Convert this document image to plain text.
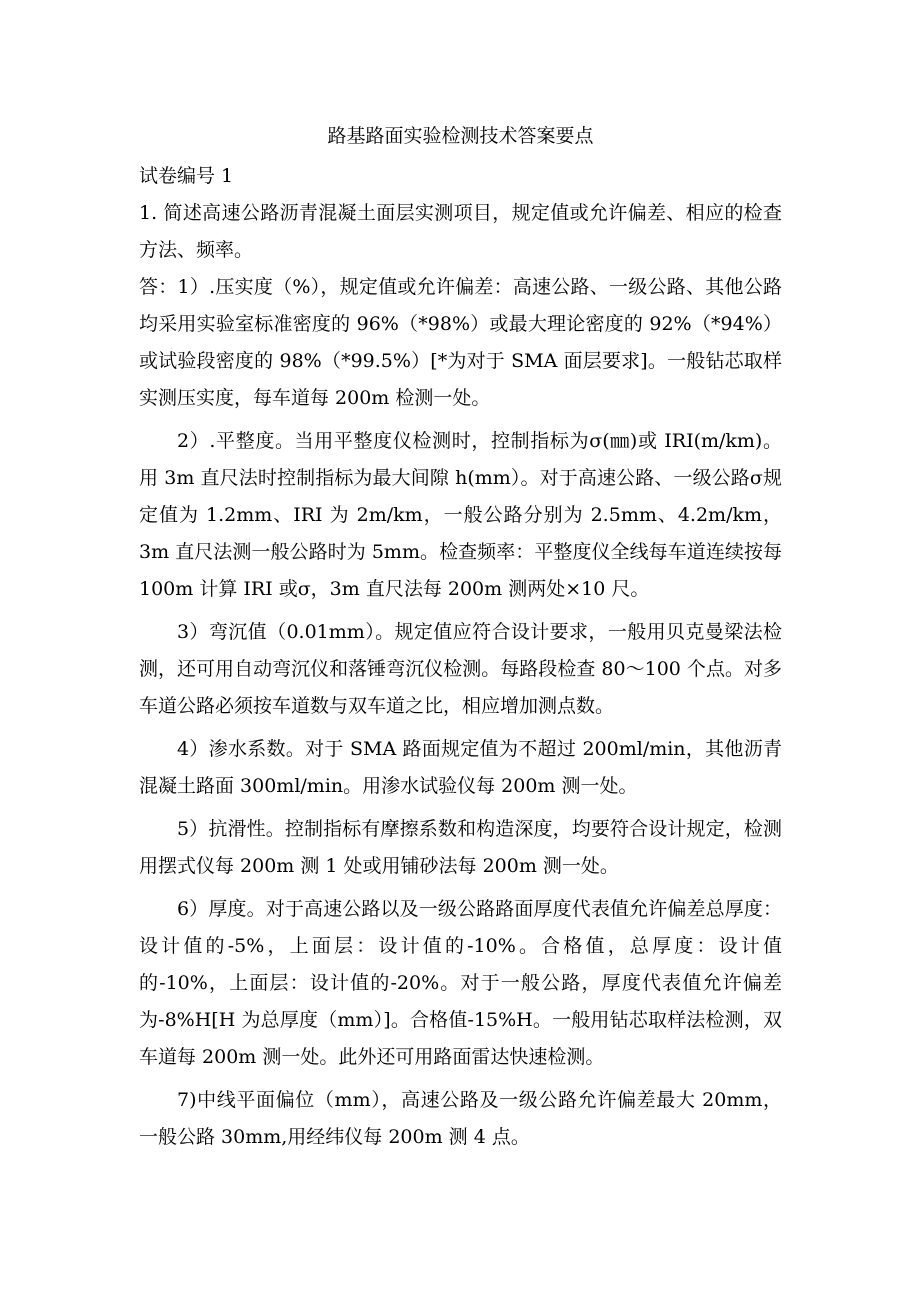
路基路面实验检测技术答案要点

试卷编号 1

1. 简述高速公路沥青混凝土面层实测项目，规定值或允许偏差、相应的检查方法、频率。

答：1）.压实度（%），规定值或允许偏差：高速公路、一级公路、其他公路均采用实验室标准密度的 96%（*98%）或最大理论密度的 92%（*94%）或试验段密度的 98%（*99.5%）[*为对于 SMA 面层要求]。一般钻芯取样实测压实度，每车道每 200m 检测一处。

2）.平整度。当用平整度仪检测时，控制指标为σ(㎜)或 IRI(m/km)。用 3m 直尺法时控制指标为最大间隙 h(mm）。对于高速公路、一级公路σ规定值为 1.2mm、IRI 为 2m/km，一般公路分别为 2.5mm、4.2m/km，3m 直尺法测一般公路时为 5mm。检查频率：平整度仪全线每车道连续按每 100m 计算 IRI 或σ，3m 直尺法每 200m 测两处×10 尺。

3）弯沉值（0.01mm）。规定值应符合设计要求，一般用贝克曼梁法检测，还可用自动弯沉仪和落锤弯沉仪检测。每路段检查 80～100 个点。对多车道公路必须按车道数与双车道之比，相应增加测点数。

4）渗水系数。对于 SMA 路面规定值为不超过 200ml/min，其他沥青混凝土路面 300ml/min。用渗水试验仪每 200m 测一处。

5）抗滑性。控制指标有摩擦系数和构造深度，均要符合设计规定，检测用摆式仪每 200m 测 1 处或用铺砂法每 200m 测一处。

6）厚度。对于高速公路以及一级公路路面厚度代表值允许偏差总厚度：设计值的-5%，上面层：设计值的-10%。合格值，总厚度：设计值的-10%，上面层：设计值的-20%。对于一般公路，厚度代表值允许偏差为-8%H[H 为总厚度（mm）]。合格值-15%H。一般用钻芯取样法检测，双车道每 200m 测一处。此外还可用路面雷达快速检测。

7)中线平面偏位（mm），高速公路及一级公路允许偏差最大 20mm，一般公路 30mm,用经纬仪每 200m 测 4 点。
